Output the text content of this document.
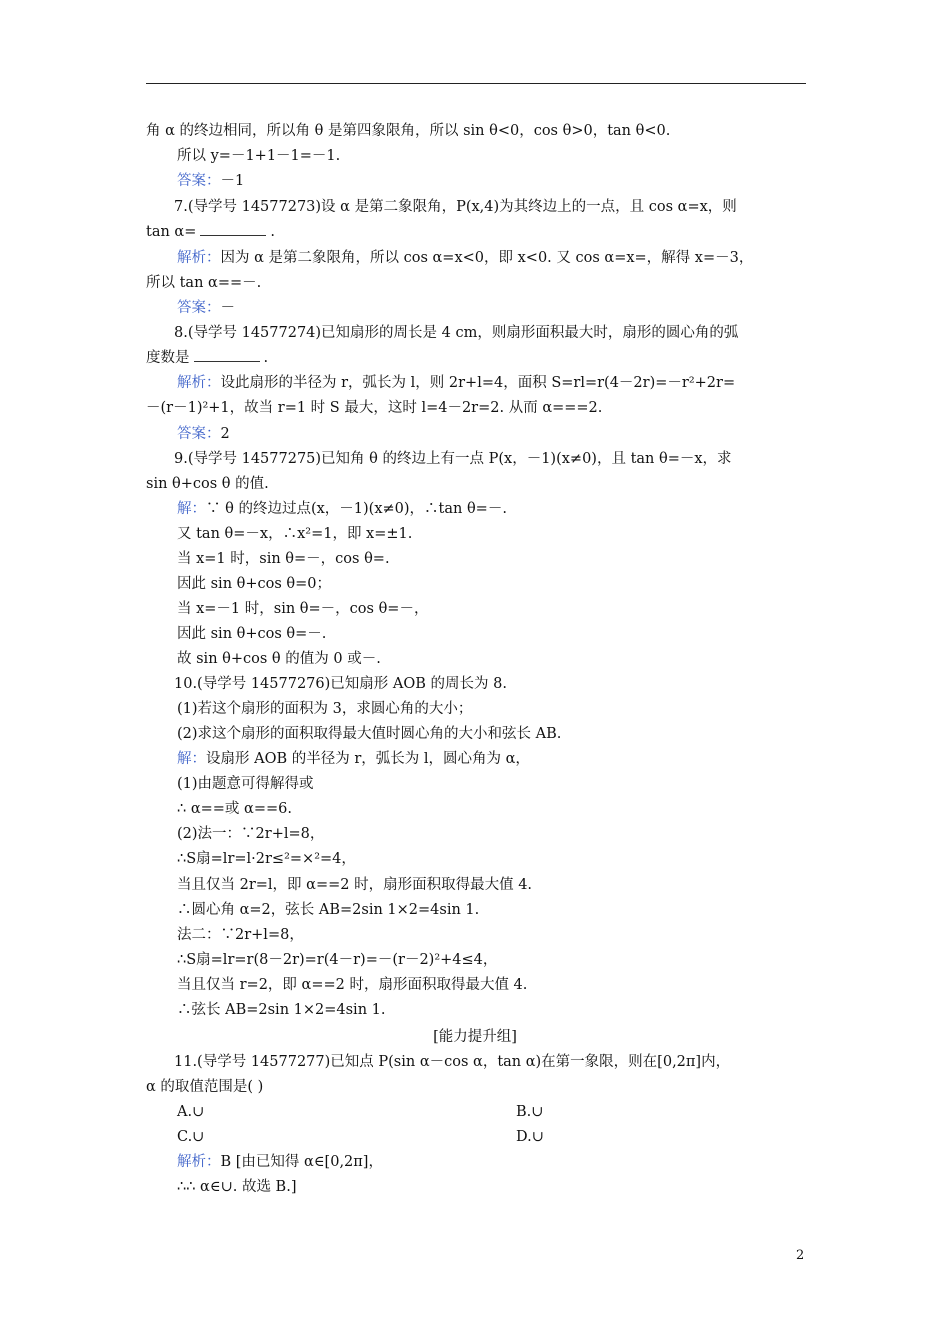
角 α 的终边相同，所以角 θ 是第四象限角，所以 sin θ<0，cos θ>0，tan θ<0.
所以 y=－1+1－1=－1.
答案：－1
7.(导学号 14577273)设 α 是第二象限角，P(x,4)为其终边上的一点，且 cos α=x，则
tan α=	.
解析：因为 α 是第二象限角，所以 cos α=x<0，即 x<0. 又 cos α=x=，解得 x=－3，
所以 tan α==－.
答案：－
8.(导学号 14577274)已知扇形的周长是 4 cm，则扇形面积最大时，扇形的圆心角的弧
度数是	.
解析：设此扇形的半径为 r，弧长为 l，则 2r+l=4，面积 S=rl=r(4－2r)=－r²+2r=
－(r－1)²+1，故当 r=1 时 S 最大，这时 l=4－2r=2. 从而 α===2.
答案：2
9.(导学号 14577275)已知角 θ 的终边上有一点 P(x，－1)(x≠0)，且 tan θ=－x，求
sin θ+cos θ 的值.
解：∵ θ 的终边过点(x，－1)(x≠0)，∴tan θ=－.
又 tan θ=－x，∴x²=1，即 x=±1.
当 x=1 时，sin θ=－，cos θ=.
因此 sin θ+cos θ=0；
当 x=－1 时，sin θ=－，cos θ=－，
因此 sin θ+cos θ=－.
故 sin θ+cos θ 的值为 0 或－.
10.(导学号 14577276)已知扇形 AOB 的周长为 8.
(1)若这个扇形的面积为 3，求圆心角的大小；
(2)求这个扇形的面积取得最大值时圆心角的大小和弦长 AB.
解：设扇形 AOB 的半径为 r，弧长为 l，圆心角为 α，
(1)由题意可得解得或
∴ α==或 α==6.
(2)法一：∵2r+l=8，
∴S扇=lr=l·2r≤²=×²=4，
当且仅当 2r=l，即 α==2 时，扇形面积取得最大值 4.
∴圆心角 α=2，弦长 AB=2sin 1×2=4sin 1.
法二：∵2r+l=8，
∴S扇=lr=r(8－2r)=r(4－r)=－(r－2)²+4≤4，
当且仅当 r=2，即 α==2 时，扇形面积取得最大值 4.
∴弦长 AB=2sin 1×2=4sin 1.
[能力提升组]
11.(导学号 14577277)已知点 P(sin α－cos α，tan α)在第一象限，则在[0,2π]内，
α 的取值范围是( )
A.∪	B.∪
C.∪	D.∪
解析：B [由已知得 α∈[0,2π]，
∴∴ α∈∪. 故选 B.]
2
